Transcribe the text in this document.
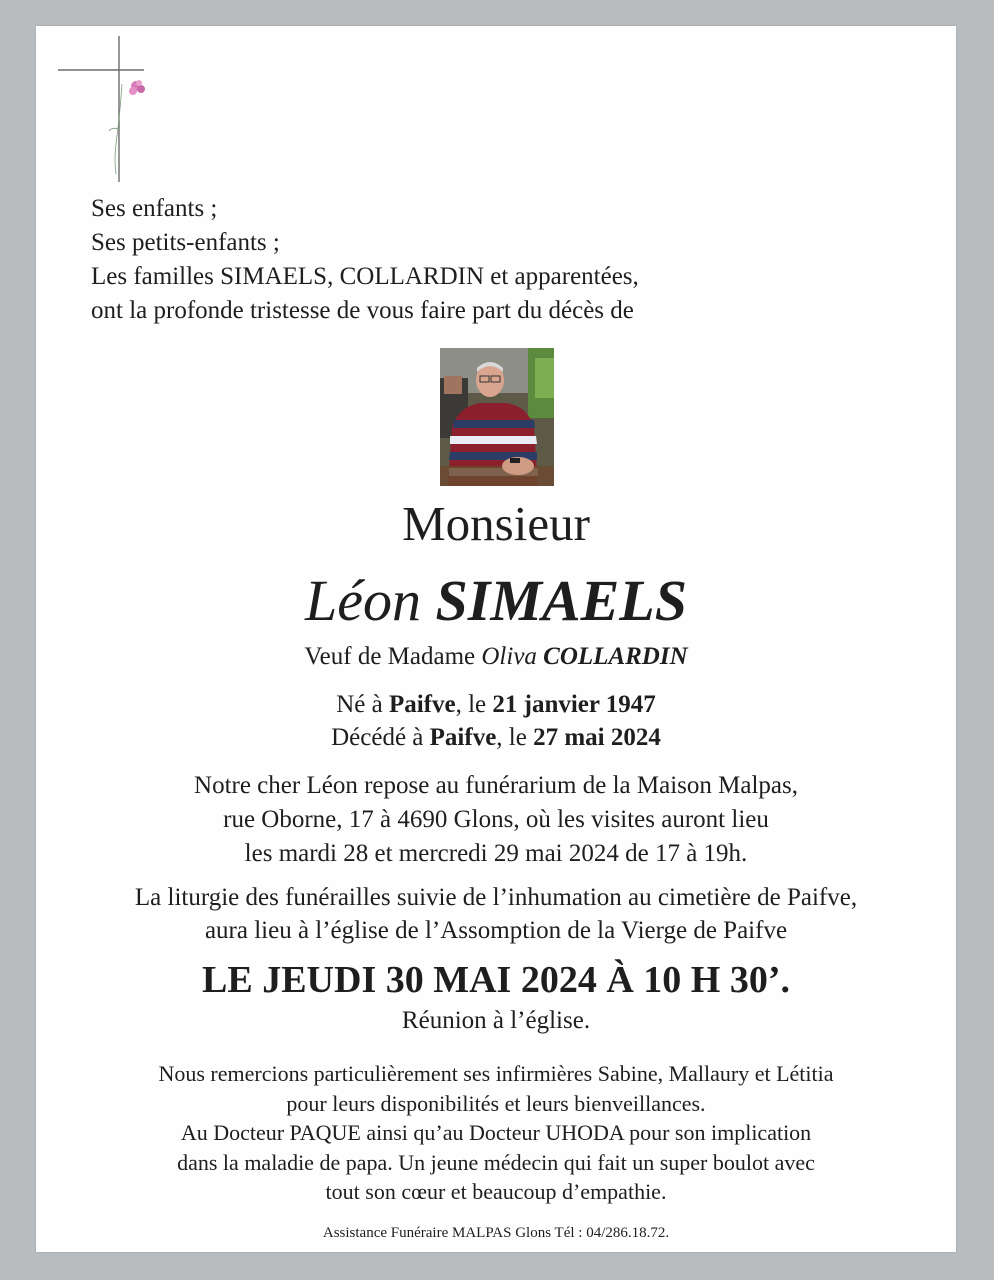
Ses enfants ;
Ses petits-enfants ;
Les familles SIMAELS, COLLARDIN et apparentées,
ont la profonde tristesse de vous faire part du décès de
Monsieur
Léon SIMAELS
Veuf de Madame Oliva COLLARDIN
Né à Paifve, le 21 janvier 1947
Décédé à Paifve, le 27 mai 2024
Notre cher Léon repose au funérarium de la Maison Malpas,
rue Oborne, 17 à 4690 Glons, où les visites auront lieu
les mardi 28 et mercredi 29 mai 2024 de 17 à 19h.
La liturgie des funérailles suivie de l’inhumation au cimetière de Paifve,
aura lieu à l’église de l’Assomption de la Vierge de Paifve
LE JEUDI 30 MAI 2024 À 10 H 30’.
Réunion à l’église.
Nous remercions particulièrement ses infirmières Sabine, Mallaury et Létitia
pour leurs disponibilités et leurs bienveillances.
Au Docteur PAQUE ainsi qu’au Docteur UHODA pour son implication
dans la maladie de papa. Un jeune médecin qui fait un super boulot avec
tout son cœur et beaucoup d’empathie.
Assistance Funéraire MALPAS Glons Tél : 04/286.18.72.
